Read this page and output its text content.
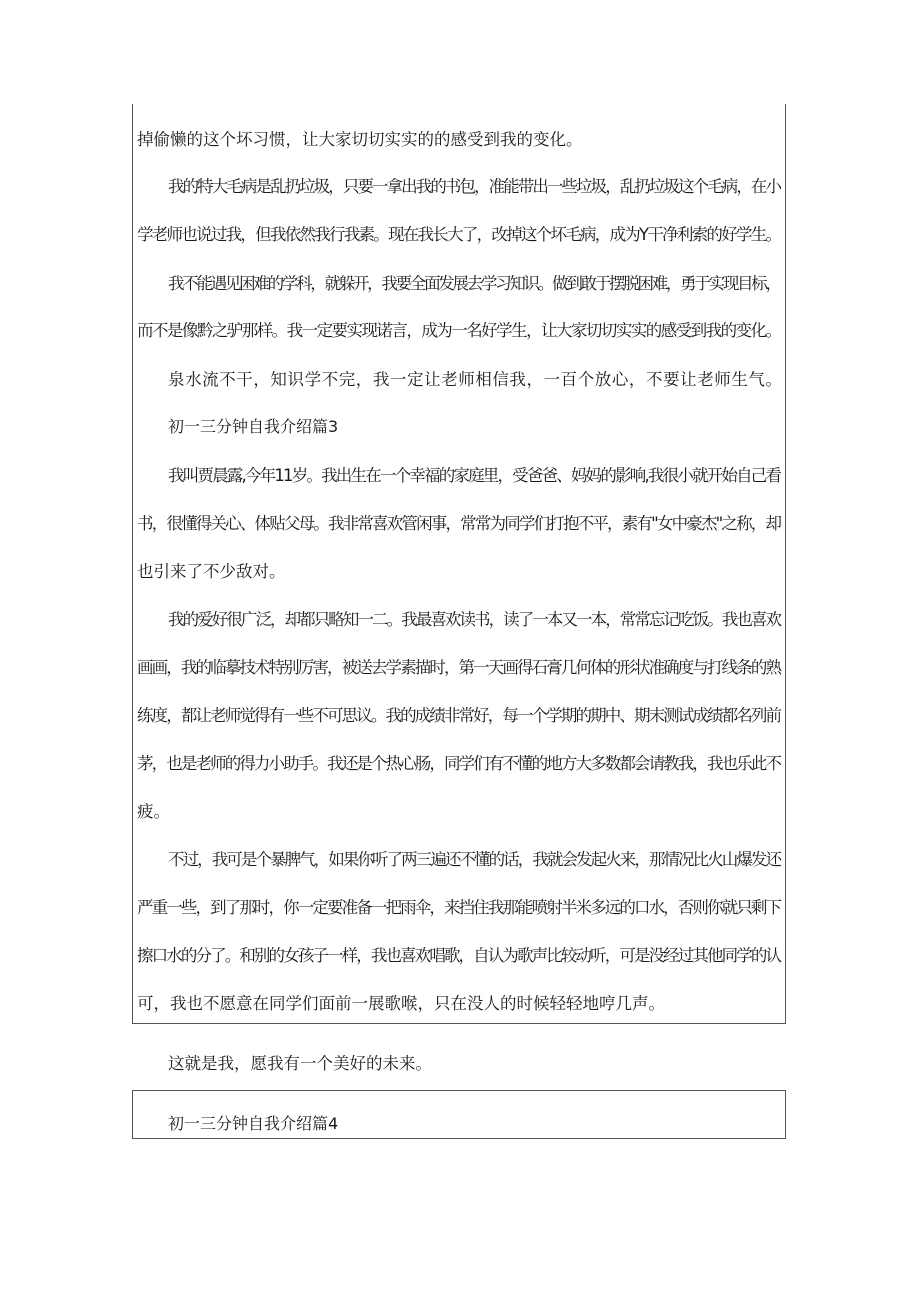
掉偷懒的这个坏习惯，让大家切切实实的的感受到我的变化。
我的特大毛病是乱扔垃圾，只要一拿出我的书包，准能带出一些垃圾，乱扔垃圾这个毛病，在小
学老师也说过我，但我依然我行我素。现在我长大了，改掉这个坏毛病，成为Y干净利索的好学生。
我不能遇见困难的学科，就躲开，我要全面发展去学习知识。做到敢于摆脱困难，勇于实现目标，
而不是像黔之驴那样。我一定要实现诺言，成为一名好学生，让大家切切实实的感受到我的变化。
泉水流不干，知识学不完，我一定让老师相信我，一百个放心，不要让老师生气。
初一三分钟自我介绍篇3
我叫贾晨露,今年11岁。我出生在一个幸福的家庭里，受爸爸、妈妈的影响,我很小就开始自己看
书，很懂得关心、体贴父母。我非常喜欢管闲事，常常为同学们打抱不平，素有"女中豪杰"之称，却
也引来了不少敌对。
我的爱好很广泛，却都只略知一二。我最喜欢读书，读了一本又一本，常常忘记吃饭。我也喜欢
画画，我的临摹技术特别厉害，被送去学素描时，第一天画得石膏几何体的形状准确度与打线条的熟
练度，都让老师觉得有一些不可思议。我的成绩非常好，每一个学期的期中、期末测试成绩都名列前
茅，也是老师的得力小助手。我还是个热心肠，同学们有不懂的地方大多数都会请教我，我也乐此不
疲。
不过，我可是个暴脾气，如果你听了两三遍还不懂的话，我就会发起火来，那情况比火山爆发还
严重一些，到了那时，你一定要准备一把雨伞，来挡住我那能喷射半米多远的口水，否则你就只剩下
擦口水的分了。和别的女孩子一样，我也喜欢唱歌，自认为歌声比较动听，可是没经过其他同学的认
可，我也不愿意在同学们面前一展歌喉，只在没人的时候轻轻地哼几声。
这就是我，愿我有一个美好的未来。
初一三分钟自我介绍篇4
